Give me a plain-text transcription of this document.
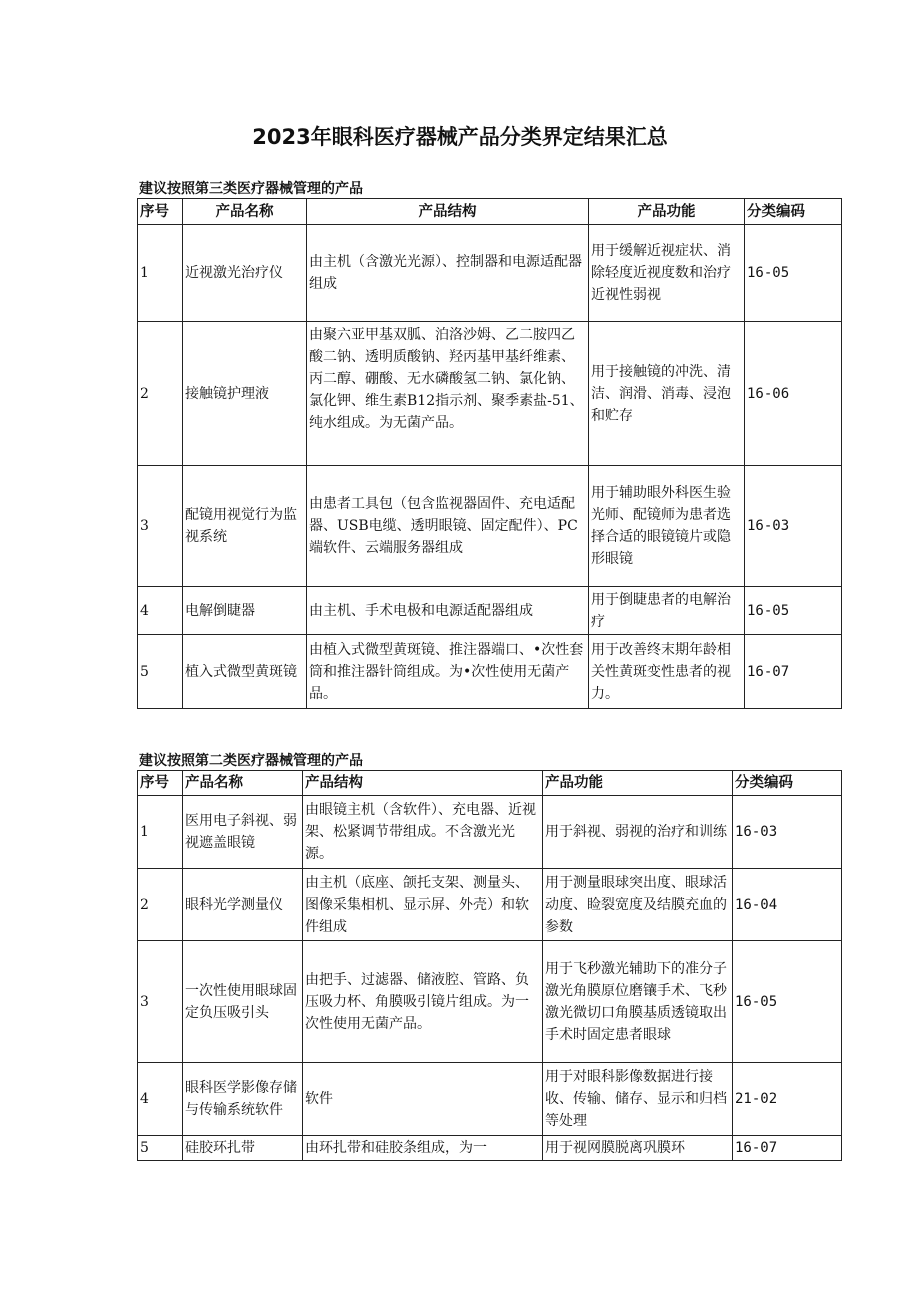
2023年眼科医疗器械产品分类界定结果汇总
建议按照第三类医疗器械管理的产品
序号	产品名称	产品结构	产品功能	分类编码
1	近视激光治疗仪	由主机（含激光光源）、控制器和电源适配器组成	用于缓解近视症状、消除轻度近视度数和治疗近视性弱视	16-05
2	接触镜护理液	由聚六亚甲基双胍、泊洛沙姆、乙二胺四乙酸二钠、透明质酸钠、羟丙基甲基纤维素、丙二醇、硼酸、无水磷酸氢二钠、氯化钠、氯化钾、维生素B12指示剂、聚季素盐-51、纯水组成。为无菌产品。	用于接触镜的冲洗、清洁、润滑、消毒、浸泡和贮存	16-06
3	配镜用视觉行为监视系统	由患者工具包（包含监视器固件、充电适配器、USB电缆、透明眼镜、固定配件）、PC端软件、云端服务器组成	用于辅助眼外科医生验光师、配镜师为患者选择合适的眼镜镜片或隐形眼镜	16-03
4	电解倒睫器	由主机、手术电极和电源适配器组成	用于倒睫患者的电解治疗	16-05
5	植入式微型黄斑镜	由植入式微型黄斑镜、推注器端口、•次性套筒和推注器针筒组成。为•次性使用无菌产品。	用于改善终末期年龄相关性黄斑变性患者的视力。	16-07
建议按照第二类医疗器械管理的产品
序号	产品名称	产品结构	产品功能	分类编码
1	医用电子斜视、弱视遮盖眼镜	由眼镜主机（含软件）、充电器、近视架、松紧调节带组成。不含激光光源。	用于斜视、弱视的治疗和训练	16-03
2	眼科光学测量仪	由主机（底座、颌托支架、测量头、图像采集相机、显示屏、外壳）和软件组成	用于测量眼球突出度、眼球活动度、睑裂宽度及结膜充血的参数	16-04
3	一次性使用眼球固定负压吸引头	由把手、过滤器、储液腔、管路、负压吸力杯、角膜吸引镜片组成。为一次性使用无菌产品。	用于飞秒激光辅助下的准分子激光角膜原位磨镶手术、飞秒激光微切口角膜基质透镜取出手术时固定患者眼球	16-05
4	眼科医学影像存储与传输系统软件	软件	用于对眼科影像数据进行接收、传输、储存、显示和归档等处理	21-02
5	硅胶环扎带	由环扎带和硅胶条组成，为一	用于视网膜脱离巩膜环	16-07
